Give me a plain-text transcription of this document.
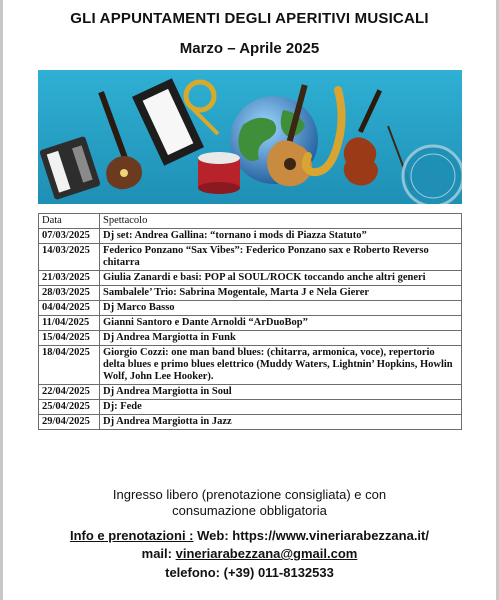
GLI APPUNTAMENTI DEGLI APERITIVI MUSICALI
Marzo – Aprile 2025
Data	Spettacolo
07/03/2025	Dj set: Andrea Gallina: “tornano i mods di Piazza Statuto”
14/03/2025	Federico Ponzano “Sax Vibes”: Federico Ponzano sax e Roberto Reverso chitarra
21/03/2025	Giulia Zanardi e basi: POP al SOUL/ROCK toccando anche altri generi
28/03/2025	Sambalele’ Trio: Sabrina Mogentale, Marta J e Nela Gierer
04/04/2025	Dj Marco Basso
11/04/2025	Gianni Santoro e Dante Arnoldi “ArDuoBop”
15/04/2025	Dj Andrea Margiotta in Funk
18/04/2025	Giorgio Cozzi: one man band blues: (chitarra, armonica, voce), repertorio delta blues e primo blues elettrico (Muddy Waters, Lightnin’ Hopkins, Howlin Wolf, John Lee Hooker).
22/04/2025	Dj Andrea Margiotta in Soul
25/04/2025	Dj: Fede
29/04/2025	Dj Andrea Margiotta in Jazz
Ingresso libero (prenotazione consigliata) e con
consumazione obbligatoria
Info e prenotazioni : Web: https://www.vineriarabezzana.it/
mail: vineriarabezzana@gmail.com
telefono: (+39) 011-8132533
